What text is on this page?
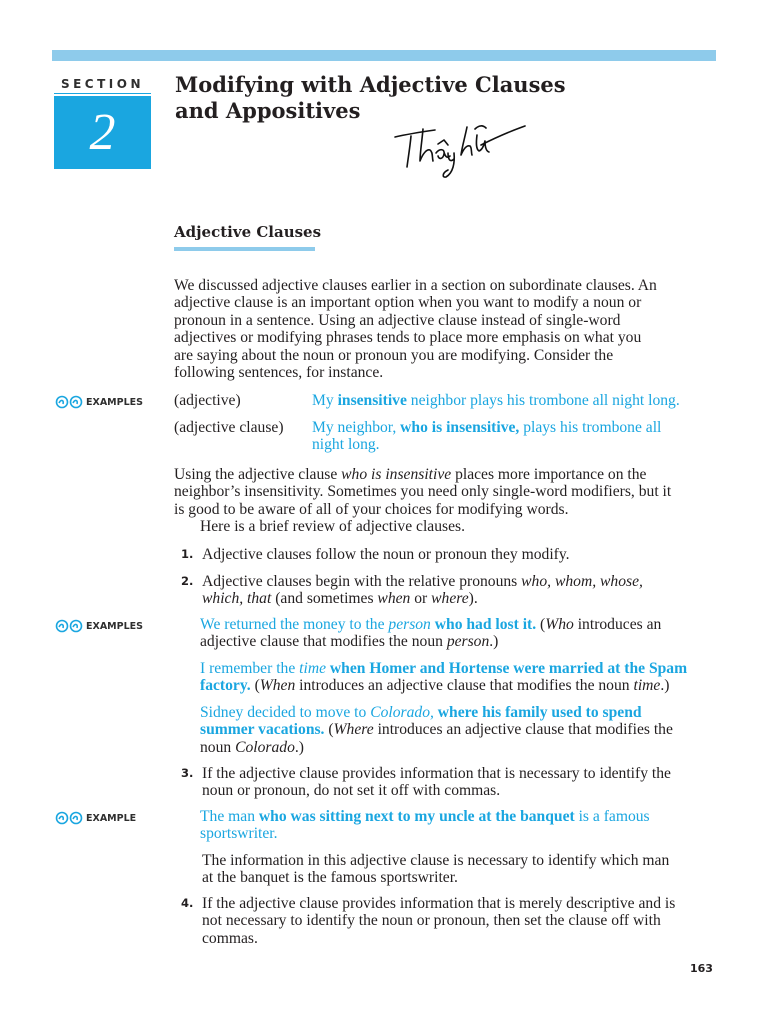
SECTION
2
Modifying with Adjective Clauses
and Appositives
Adjective Clauses
We discussed adjective clauses earlier in a section on subordinate clauses. An
adjective clause is an important option when you want to modify a noun or
pronoun in a sentence. Using an adjective clause instead of single-word
adjectives or modifying phrases tends to place more emphasis on what you
are saying about the noun or pronoun you are modifying. Consider the
following sentences, for instance.
EXAMPLES (adjective)	My insensitive neighbor plays his trombone all night long.
(adjective clause) My neighbor, who is insensitive, plays his trombone all
night long.
Using the adjective clause who is insensitive places more importance on the
neighbor’s insensitivity. Sometimes you need only single-word modifiers, but it
is good to be aware of all of your choices for modifying words.
Here is a brief review of adjective clauses.
1. Adjective clauses follow the noun or pronoun they modify.
2. Adjective clauses begin with the relative pronouns who, whom, whose,
which, that (and sometimes when or where).
EXAMPLES	We returned the money to the person who had lost it. (Who introduces an
adjective clause that modifies the noun person.)
I remember the time when Homer and Hortense were married at the Spam
factory. (When introduces an adjective clause that modifies the noun time.)
Sidney decided to move to Colorado, where his family used to spend
summer vacations. (Where introduces an adjective clause that modifies the
noun Colorado.)
3. If the adjective clause provides information that is necessary to identify the
noun or pronoun, do not set it off with commas.
EXAMPLE	The man who was sitting next to my uncle at the banquet is a famous
sportswriter.
The information in this adjective clause is necessary to identify which man
at the banquet is the famous sportswriter.
4. If the adjective clause provides information that is merely descriptive and is
not necessary to identify the noun or pronoun, then set the clause off with
commas.
163
